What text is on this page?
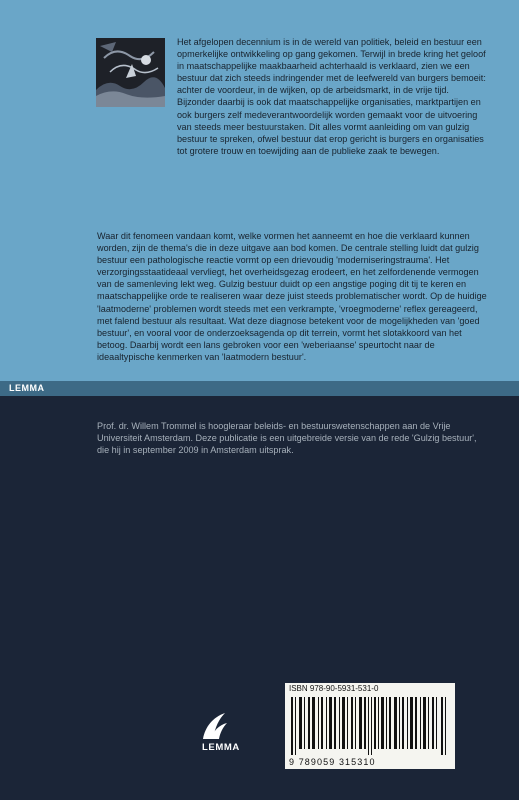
LEMMA

Het afgelopen decennium is in de wereld van politiek, beleid en bestuur een opmerkelijke ontwikkeling op gang gekomen. Terwijl in brede kring het geloof in maatschappelijke maakbaarheid achterhaald is verklaard, zien we een bestuur dat zich steeds indringender met de leefwereld van burgers bemoeit: achter de voordeur, in de wijken, op de arbeidsmarkt, in de vrije tijd. Bijzonder daarbij is ook dat maatschappelijke organisaties, marktpartijen en ook burgers zelf medeverantwoordelijk worden gemaakt voor de uitvoering van steeds meer bestuurstaken. Dit alles vormt aanleiding om van gulzig bestuur te spreken, ofwel bestuur dat erop gericht is burgers en organisaties tot grotere trouw en toewijding aan de publieke zaak te bewegen.

Waar dit fenomeen vandaan komt, welke vormen het aanneemt en hoe die verklaard kunnen worden, zijn de thema's die in deze uitgave aan bod komen. De centrale stelling luidt dat gulzig bestuur een pathologische reactie vormt op een drievoudig 'moderniseringstrauma'. Het verzorgingsstaatideaal vervliegt, het overheidsgezag erodeert, en het zelfordenende vermogen van de samenleving lekt weg. Gulzig bestuur duidt op een angstige poging dit tij te keren en maatschappelijke orde te realiseren waar deze juist steeds problematischer wordt. Op de huidige 'laatmoderne' problemen wordt steeds met een verkrampte, 'vroegmoderne' reflex gereageerd, met falend bestuur als resultaat. Wat deze diagnose betekent voor de mogelijkheden van 'goed bestuur', en vooral voor de onderzoeksagenda op dit terrein, vormt het slotakkoord van het betoog. Daarbij wordt een lans gebroken voor een 'weberiaanse' speurtocht naar de ideaaltypische kenmerken van 'laatmodern bestuur'.

Prof. dr. Willem Trommel is hoogleraar beleids- en bestuurswetenschappen aan de Vrije Universiteit Amsterdam. Deze publicatie is een uitgebreide versie van de rede 'Gulzig bestuur', die hij in september 2009 in Amsterdam uitsprak.

LEMMA
ISBN 978-90-5931-531-0
9 789059 315310
